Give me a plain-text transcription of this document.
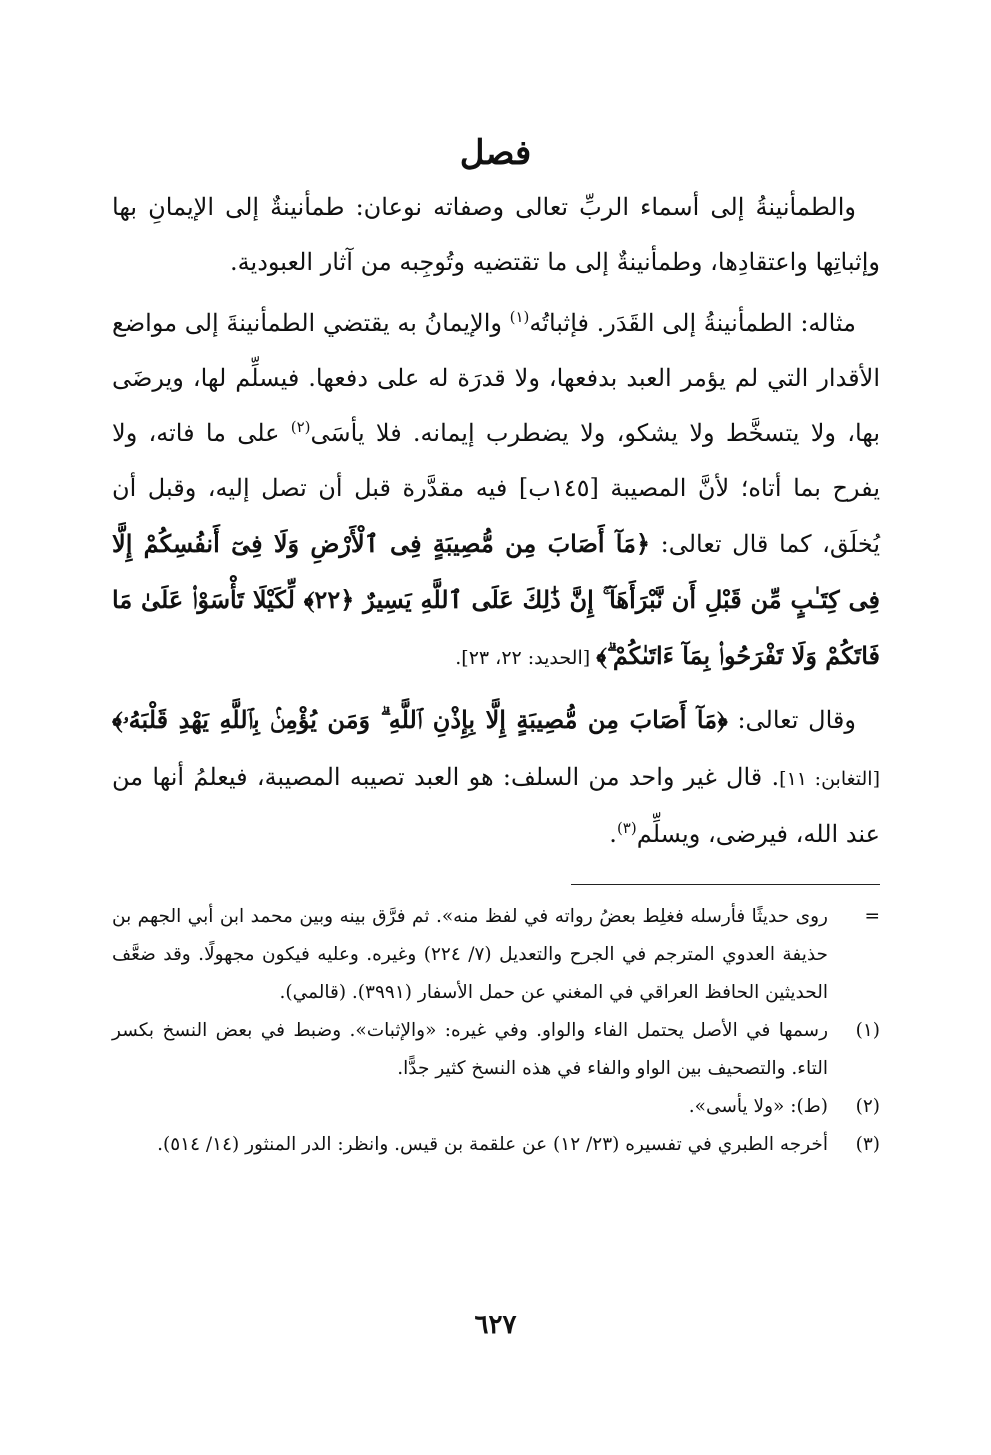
فصل

والطمأنينةُ إلى أسماء الربِّ تعالى وصفاته نوعان: طمأنينةٌ إلى الإيمانِ بها وإثباتِها واعتقادِها، وطمأنينةٌ إلى ما تقتضيه وتُوجِبه من آثار العبودية.

مثاله: الطمأنينةُ إلى القَدَر. فإثباتُه$^{(١)}$ والإيمانُ به يقتضي الطمأنينةَ إلى مواضع الأقدار التي لم يؤمر العبد بدفعها، ولا قدرَة له على دفعها. فيسلِّم لها، ويرضَى بها، ولا يتسخَّط ولا يشكو، ولا يضطرب إيمانه. فلا يأسَى$^{(٢)}$ على ما فاته، ولا يفرح بما أتاه؛ لأنَّ المصيبة [١٤٥ب] فيه مقدَّرة قبل أن تصل إليه، وقبل أن يُخلَق، كما قال تعالى: ﴿مَآ أَصَابَ مِن مُّصِيبَةٍ فِى ٱلْأَرْضِ وَلَا فِىٓ أَنفُسِكُمْ إِلَّا فِى كِتَـٰبٍ مِّن قَبْلِ أَن نَّبْرَأَهَآ ۚ إِنَّ ذَٰلِكَ عَلَى ٱللَّهِ يَسِيرٌ ﴿٢٢﴾ لِّكَيْلَا تَأْسَوْا۟ عَلَىٰ مَا فَاتَكُمْ وَلَا تَفْرَحُوا۟ بِمَآ ءَاتَىٰكُمْ ۗ﴾ [الحديد: ٢٢، ٢٣].

وقال تعالى: ﴿مَآ أَصَابَ مِن مُّصِيبَةٍ إِلَّا بِإِذْنِ ٱللَّهِ ۗ وَمَن يُؤْمِنۢ بِٱللَّهِ يَهْدِ قَلْبَهُۥ﴾ [التغابن: ١١]. قال غير واحد من السلف: هو العبد تصيبه المصيبة، فيعلمُ أنها من عند الله، فيرضى، ويسلِّم$^{(٣)}$.

=
روى حديثًا فأرسله فغلِط بعضُ رواته في لفظ منه». ثم فرَّق بينه وبين محمد ابن أبي الجهم بن حذيفة العدوي المترجم في الجرح والتعديل (٧/ ٢٢٤) وغيره. وعليه فيكون مجهولًا. وقد ضعَّف الحديثين الحافظ العراقي في المغني عن حمل الأسفار (٣٩٩١). (قالمي).
(١)
رسمها في الأصل يحتمل الفاء والواو. وفي غيره: «والإثبات». وضبط في بعض النسخ بكسر التاء. والتصحيف بين الواو والفاء في هذه النسخ كثير جدًّا.
(٢)
(ط): «ولا يأسى».
(٣)
أخرجه الطبري في تفسيره (٢٣/ ١٢) عن علقمة بن قيس. وانظر: الدر المنثور (١٤/ ٥١٤).
٦٢٧
